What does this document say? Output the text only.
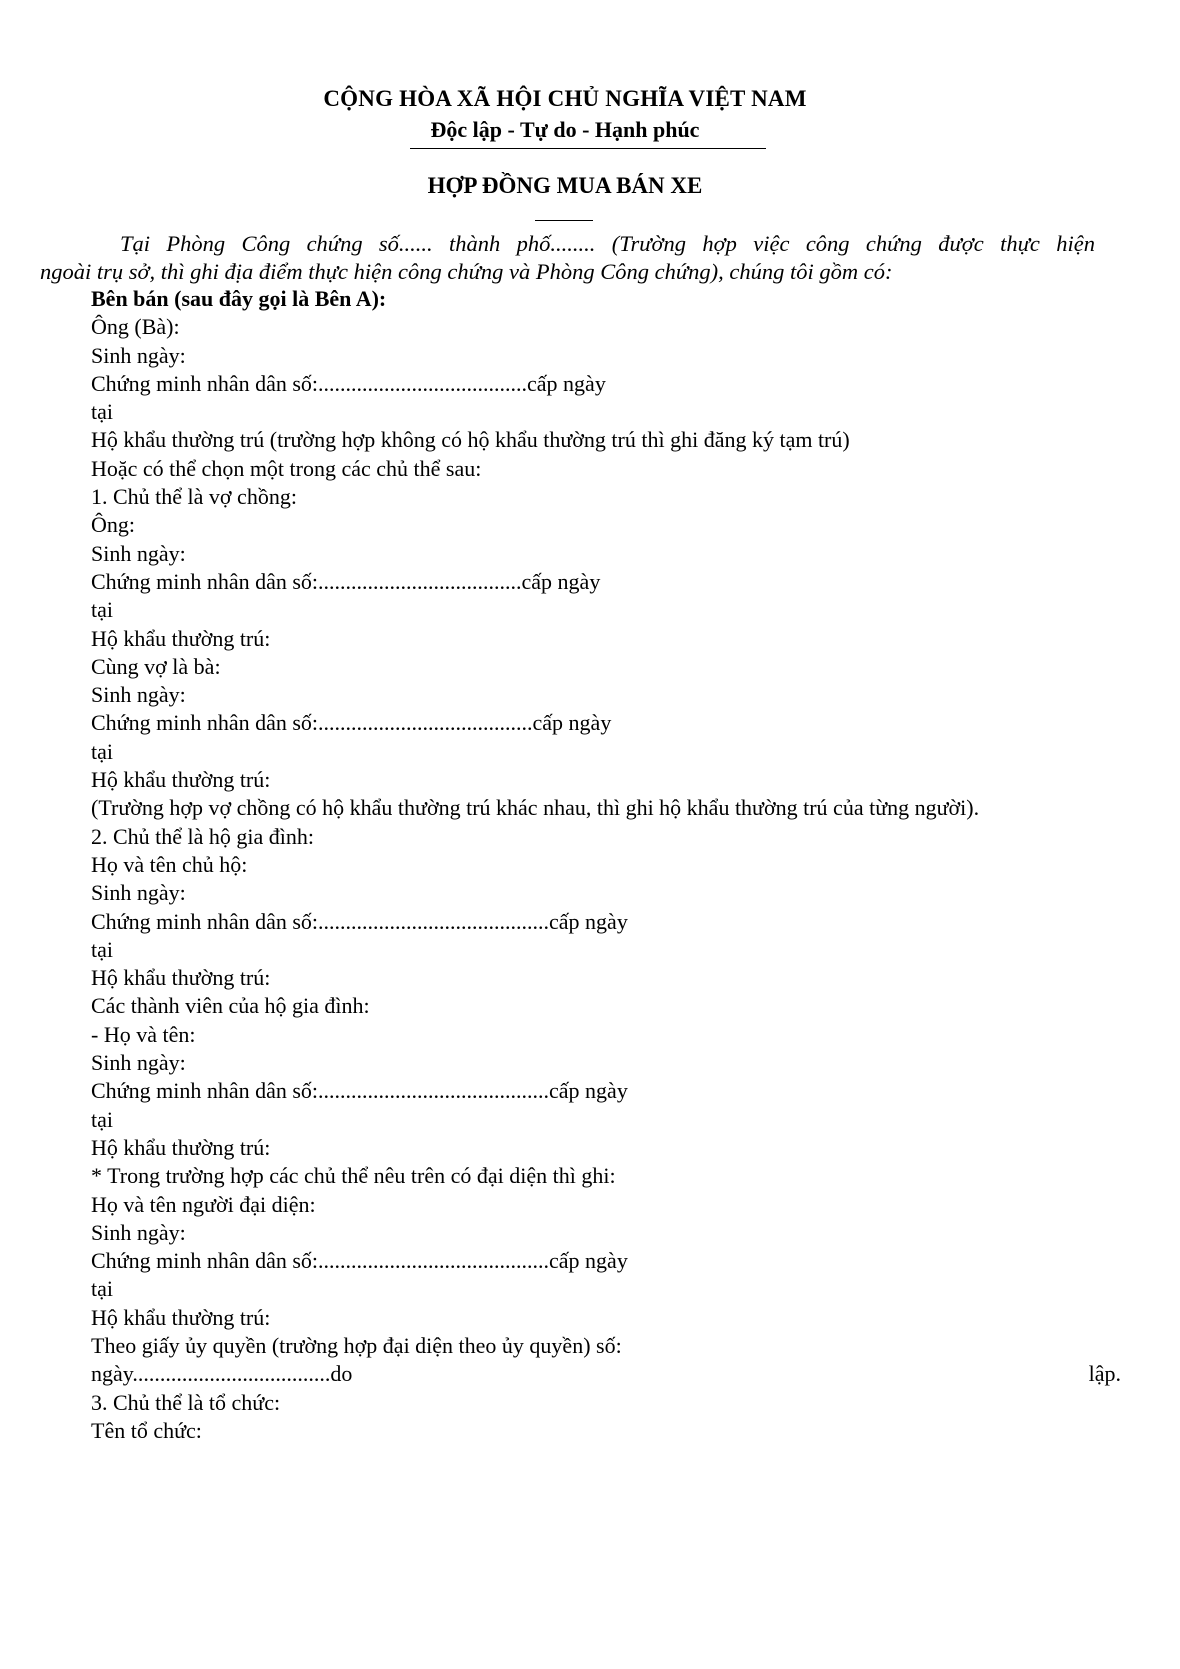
CỘNG HÒA XÃ HỘI CHỦ NGHĨA VIỆT NAM
Độc lập - Tự do - Hạnh phúc
HỢP ĐỒNG MUA BÁN XE
Tại Phòng Công chứng số...... thành phố........ (Trường hợp việc công chứng được thực hiện
ngoài trụ sở, thì ghi địa điểm thực hiện công chứng và Phòng Công chứng), chúng tôi gồm có:
Bên bán (sau đây gọi là Bên A):
Ông (Bà):
Sinh ngày:
Chứng minh nhân dân số:......................................cấp ngày
tại
Hộ khẩu thường trú (trường hợp không có hộ khẩu thường trú thì ghi đăng ký tạm trú)
Hoặc có thể chọn một trong các chủ thể sau:
1. Chủ thể là vợ chồng:
Ông:
Sinh ngày:
Chứng minh nhân dân số:.....................................cấp ngày
tại
Hộ khẩu thường trú:
Cùng vợ là bà:
Sinh ngày:
Chứng minh nhân dân số:.......................................cấp ngày
tại
Hộ khẩu thường trú:
(Trường hợp vợ chồng có hộ khẩu thường trú khác nhau, thì ghi hộ khẩu thường trú của từng người).
2. Chủ thể là hộ gia đình:
Họ và tên chủ hộ:
Sinh ngày:
Chứng minh nhân dân số:..........................................cấp ngày
tại
Hộ khẩu thường trú:
Các thành viên của hộ gia đình:
- Họ và tên:
Sinh ngày:
Chứng minh nhân dân số:..........................................cấp ngày
tại
Hộ khẩu thường trú:
* Trong trường hợp các chủ thể nêu trên có đại diện thì ghi:
Họ và tên người đại diện:
Sinh ngày:
Chứng minh nhân dân số:..........................................cấp ngày
tại
Hộ khẩu thường trú:
Theo giấy ủy quyền (trường hợp đại diện theo ủy quyền) số:
ngày....................................do	lập.
3. Chủ thể là tổ chức:
Tên tổ chức:
